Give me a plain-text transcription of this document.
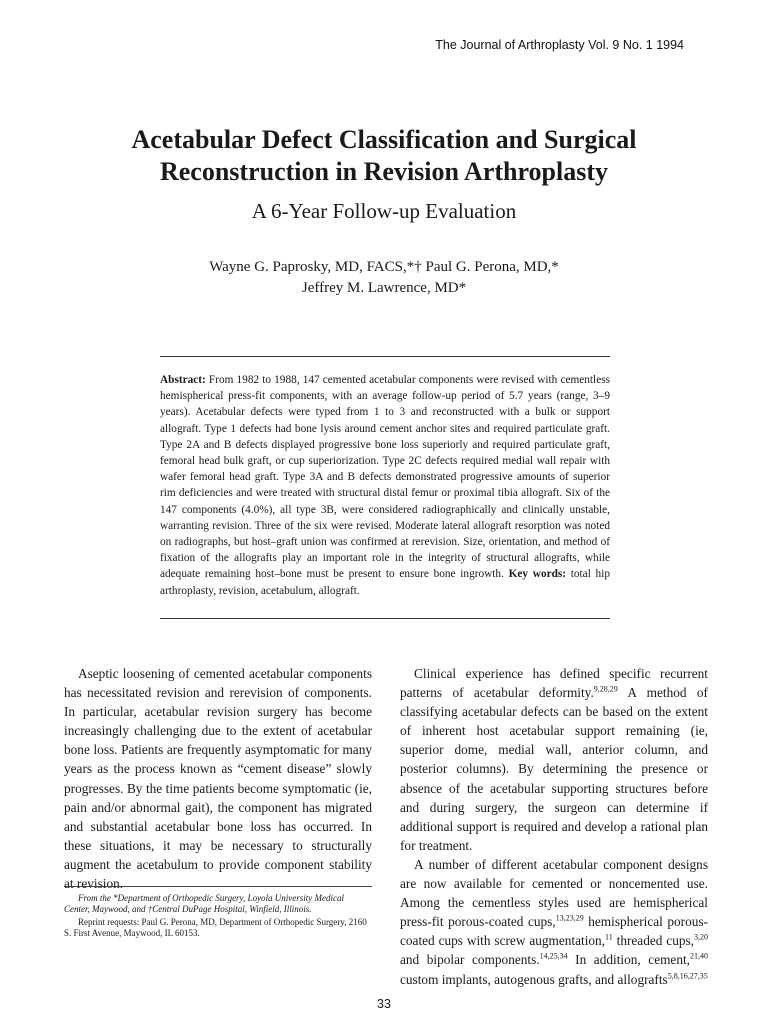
The Journal of Arthroplasty Vol. 9 No. 1 1994
Acetabular Defect Classification and Surgical
Reconstruction in Revision Arthroplasty
A 6-Year Follow-up Evaluation
Wayne G. Paprosky, MD, FACS,*† Paul G. Perona, MD,*
Jeffrey M. Lawrence, MD*
Abstract: From 1982 to 1988, 147 cemented acetabular components were revised with cementless hemispherical press-fit components, with an average follow-up period of 5.7 years (range, 3–9 years). Acetabular defects were typed from 1 to 3 and reconstructed with a bulk or support allograft. Type 1 defects had bone lysis around cement anchor sites and required particulate graft. Type 2A and B defects displayed progressive bone loss superiorly and required particulate graft, femoral head bulk graft, or cup superiorization. Type 2C defects required medial wall repair with wafer femoral head graft. Type 3A and B defects demonstrated progressive amounts of superior rim deficiencies and were treated with structural distal femur or proximal tibia allograft. Six of the 147 components (4.0%), all type 3B, were considered radiographically and clinically unstable, warranting revision. Three of the six were revised. Moderate lateral allograft resorption was noted on radiographs, but host–graft union was confirmed at rerevision. Size, orientation, and method of fixation of the allografts play an important role in the integrity of structural allografts, while adequate remaining host–bone must be present to ensure bone ingrowth. Key words: total hip arthroplasty, revision, acetabulum, allograft.

Aseptic loosening of cemented acetabular components has necessitated revision and rerevision of components. In particular, acetabular revision surgery has become increasingly challenging due to the extent of acetabular bone loss. Patients are frequently asymptomatic for many years as the process known as “cement disease” slowly progresses. By the time patients become symptomatic (ie, pain and/or abnormal gait), the component has migrated and substantial acetabular bone loss has occurred. In these situations, it may be necessary to structurally augment the acetabulum to provide component stability at revision.

From the *Department of Orthopedic Surgery, Loyola University Medical Center, Maywood, and †Central DuPage Hospital, Winfield, Illinois.

Reprint requests: Paul G. Perona, MD, Department of Orthopedic Surgery, 2160 S. First Avenue, Maywood, IL 60153.

Clinical experience has defined specific recurrent patterns of acetabular deformity.$^{9,28,29}$ A method of classifying acetabular defects can be based on the extent of inherent host acetabular support remaining (ie, superior dome, medial wall, anterior column, and posterior columns). By determining the presence or absence of the acetabular supporting structures before and during surgery, the surgeon can determine if additional support is required and develop a rational plan for treatment.

A number of different acetabular component designs are now available for cemented or noncemented use. Among the cementless styles used are hemispherical press-fit porous-coated cups,$^{13,23,29}$ hemispherical porous-coated cups with screw augmentation,$^{11}$ threaded cups,$^{3,20}$ and bipolar components.$^{14,25,34}$ In addition, cement,$^{21,40}$ custom implants, autogenous grafts, and allografts$^{5,8,16,27,35}$

33
